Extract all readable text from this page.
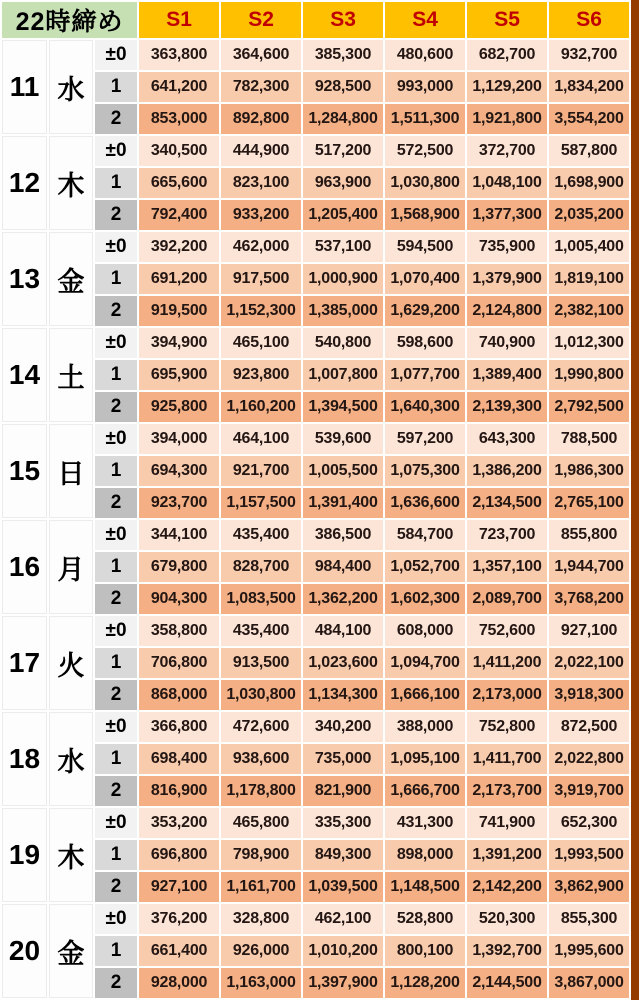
22時締め			S1	S2	S3	S4	S5	S6
11	水	±0	363,800	364,600	385,300	480,600	682,700	932,700
		1	641,200	782,300	928,500	993,000	1,129,200	1,834,200
		2	853,000	892,800	1,284,800	1,511,300	1,921,800	3,554,200
12	木	±0	340,500	444,900	517,200	572,500	372,700	587,800
		1	665,600	823,100	963,900	1,030,800	1,048,100	1,698,900
		2	792,400	933,200	1,205,400	1,568,900	1,377,300	2,035,200
13	金	±0	392,200	462,000	537,100	594,500	735,900	1,005,400
		1	691,200	917,500	1,000,900	1,070,400	1,379,900	1,819,100
		2	919,500	1,152,300	1,385,000	1,629,200	2,124,800	2,382,100
14	土	±0	394,900	465,100	540,800	598,600	740,900	1,012,300
		1	695,900	923,800	1,007,800	1,077,700	1,389,400	1,990,800
		2	925,800	1,160,200	1,394,500	1,640,300	2,139,300	2,792,500
15	日	±0	394,000	464,100	539,600	597,200	643,300	788,500
		1	694,300	921,700	1,005,500	1,075,300	1,386,200	1,986,300
		2	923,700	1,157,500	1,391,400	1,636,600	2,134,500	2,765,100
16	月	±0	344,100	435,400	386,500	584,700	723,700	855,800
		1	679,800	828,700	984,400	1,052,700	1,357,100	1,944,700
		2	904,300	1,083,500	1,362,200	1,602,300	2,089,700	3,768,200
17	火	±0	358,800	435,400	484,100	608,000	752,600	927,100
		1	706,800	913,500	1,023,600	1,094,700	1,411,200	2,022,100
		2	868,000	1,030,800	1,134,300	1,666,100	2,173,000	3,918,300
18	水	±0	366,800	472,600	340,200	388,000	752,800	872,500
		1	698,400	938,600	735,000	1,095,100	1,411,700	2,022,800
		2	816,900	1,178,800	821,900	1,666,700	2,173,700	3,919,700
19	木	±0	353,200	465,800	335,300	431,300	741,900	652,300
		1	696,800	798,900	849,300	898,000	1,391,200	1,993,500
		2	927,100	1,161,700	1,039,500	1,148,500	2,142,200	3,862,900
20	金	±0	376,200	328,800	462,100	528,800	520,300	855,300
		1	661,400	926,000	1,010,200	800,100	1,392,700	1,995,600
		2	928,000	1,163,000	1,397,900	1,128,200	2,144,500	3,867,000
